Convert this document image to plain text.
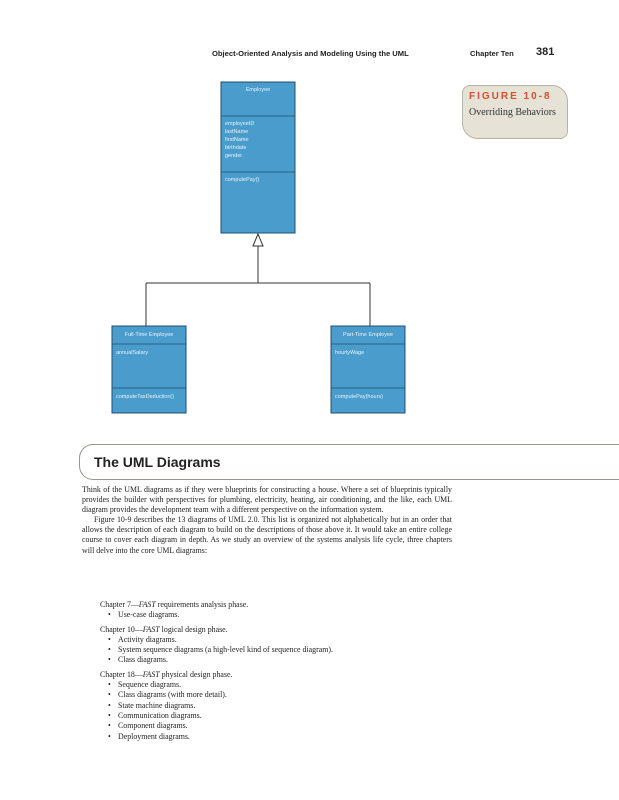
Object-Oriented Analysis and Modeling Using the UML	Chapter Ten 381
FIGURE 10-8
Overriding Behaviors
Employee
employeeID
lastName
firstName
birthdate
gender
computePay()
Full-Time Employee
annualSalary
computeTaxDeduction()
Part-Time Employee
hourlyWage
computePay(hours)
The UML Diagrams

Think of the UML diagrams as if they were blueprints for constructing a house. Where a set of blueprints typically provides the builder with perspectives for plumbing, electricity, heating, air conditioning, and the like, each UML diagram provides the development team with a different perspective on the information system.

Figure 10-9 describes the 13 diagrams of UML 2.0. This list is organized not alphabetically but in an order that allows the description of each diagram to build on the descriptions of those above it. It would take an entire college course to cover each diagram in depth. As we study an overview of the systems analysis life cycle, three chapters will delve into the core UML diagrams:

Chapter 7—FAST requirements analysis phase.

• Use-case diagrams.

Chapter 10—FAST logical design phase.

• Activity diagrams.
• System sequence diagrams (a high-level kind of sequence diagram).
• Class diagrams.

Chapter 18—FAST physical design phase.

• Sequence diagrams.
• Class diagrams (with more detail).
• State machine diagrams.
• Communication diagrams.
• Component diagrams.
• Deployment diagrams.
